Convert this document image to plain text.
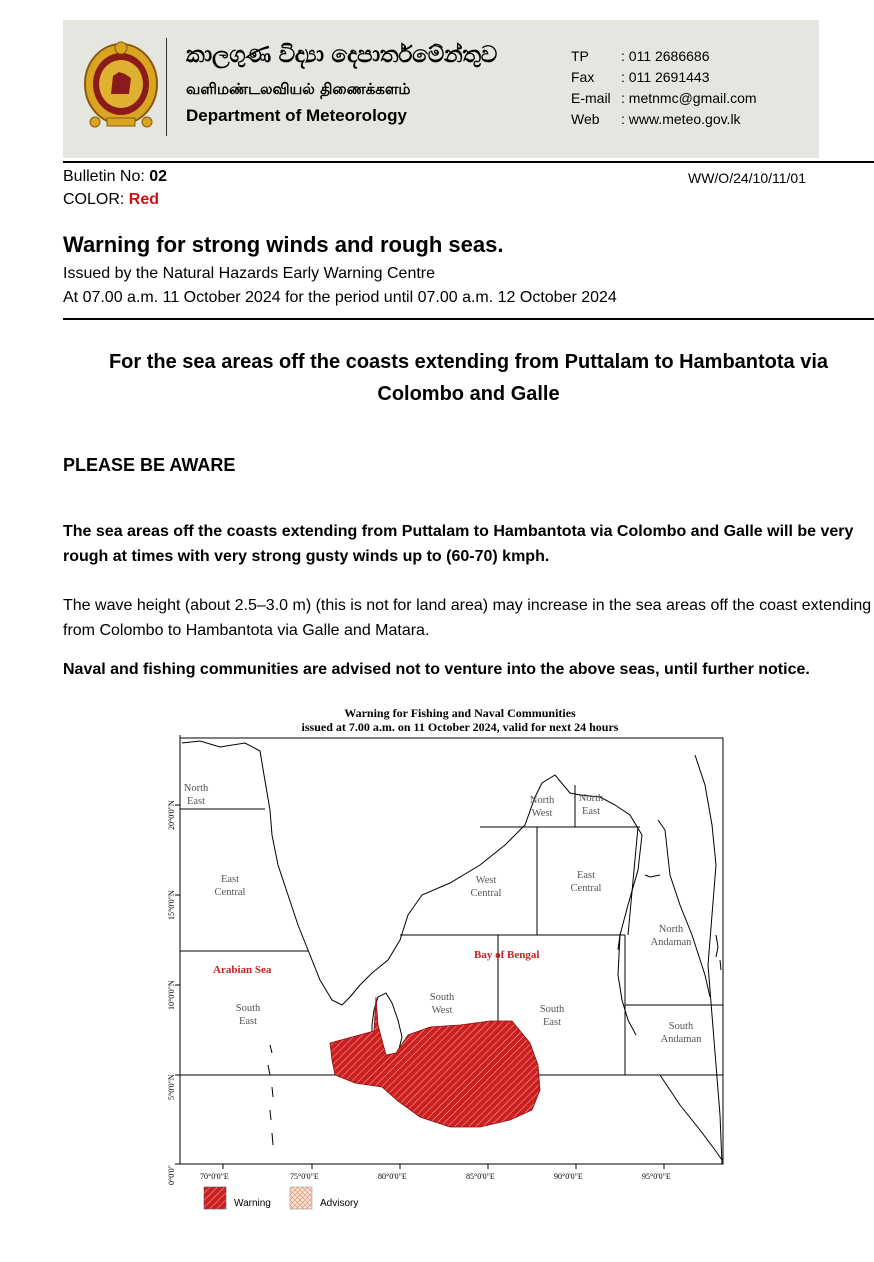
කාලගුණ විද්‍යා දෙපාර්තමේන්තුව
வளிமண்டலவியல் திணைக்களம்
Department of Meteorology
TP	: 011 2686686
Fax	: 011 2691443
E-mail : metnmc@gmail.com
Web	: www.meteo.gov.lk
Bulletin No: 02	WW/O/24/10/11/01
COLOR: Red
Warning for strong winds and rough seas.
Issued by the Natural Hazards Early Warning Centre
At 07.00 a.m. 11 October 2024 for the period until 07.00 a.m. 12 October 2024
For the sea areas off the coasts extending from Puttalam to Hambantota via Colombo and Galle
PLEASE BE AWARE
The sea areas off the coasts extending from Puttalam to Hambantota via Colombo and Galle will be very rough at times with very strong gusty winds up to (60-70) kmph.
The wave height (about 2.5–3.0 m) (this is not for land area) may increase in the sea areas off the coast extending from Colombo to Hambantota via Galle and Matara.
Naval and fishing communities are advised not to venture into the above seas, until further notice.
Warning for Fishing and Naval Communities
issued at 7.00 a.m. on 11 October 2024, valid for next 24 hours
20°0'0"N
15°0'0"N
10°0'0"N
5°0'0"N
0°0'0"	70°0'0"E	75°0'0"E	80°0'0"E	85°0'0"E	90°0'0"E	95°0'0"E
Arabian Sea
Bay of Bengal
North
East
East
Central
South
East
North
West
North
East
West
Central
East
Central
South
West	South
East
North
Andaman
South
Andaman
Warning	Advisory
